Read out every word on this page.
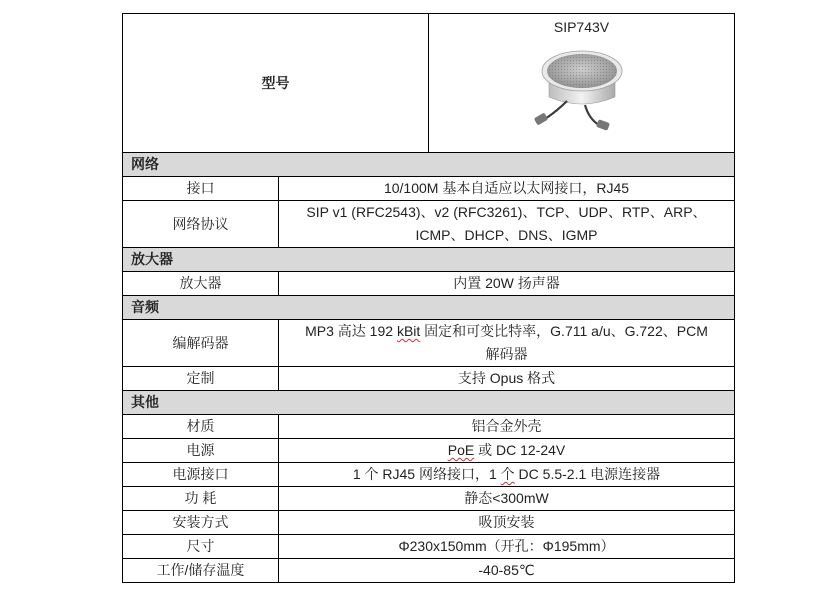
型号		SIP743V

网络		
接口	10/100M 基本自适应以太网接口，RJ45	
网络协议	SIP v1 (RFC2543)、v2 (RFC3261)、TCP、UDP、RTP、ARP、ICMP、DHCP、DNS、IGMP	
放大器		
放大器	内置 20W 扬声器	
音频		
编解码器	MP3 高达 192 kBit 固定和可变比特率，G.711 a/u、G.722、PCM 解码器	
定制	支持 Opus 格式	
其他		
材质	铝合金外壳	
电源	PoE 或 DC 12-24V	
电源接口	1 个 RJ45 网络接口，1 个 DC 5.5-2.1 电源连接器	
功 耗	静态<300mW	
安装方式	吸顶安装	
尺寸	Φ230x150mm（开孔：Φ195mm）	
工作/储存温度	-40-85℃	
